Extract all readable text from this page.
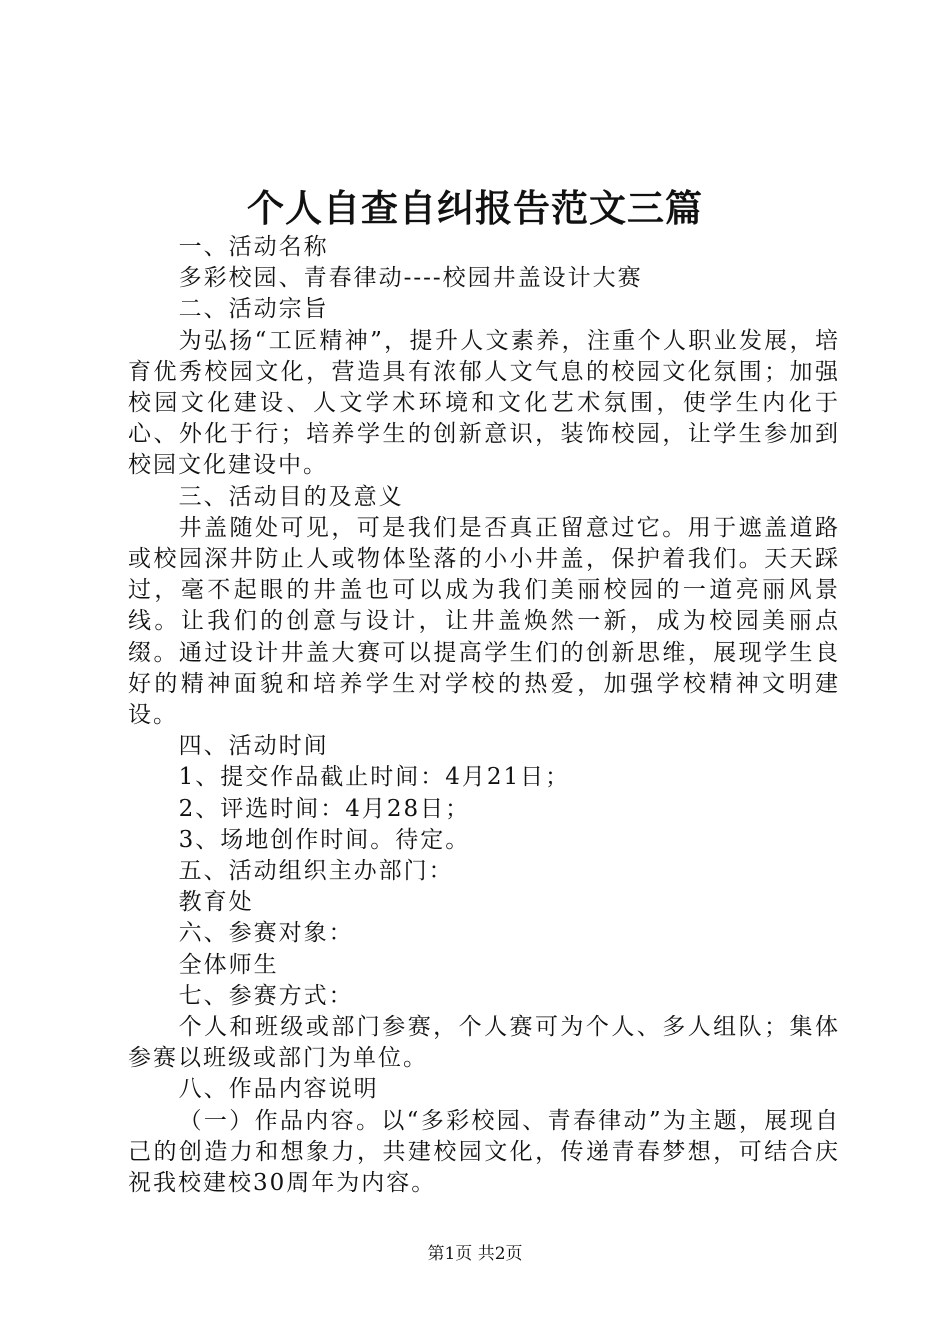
个人自查自纠报告范文三篇

一、活动名称

多彩校园、青春律动----校园井盖设计大赛

二、活动宗旨

为弘扬“工匠精神”，提升人文素养，注重个人职业发展，培育优秀校园文化，营造具有浓郁人文气息的校园文化氛围；加强校园文化建设、人文学术环境和文化艺术氛围，使学生内化于心、外化于行；培养学生的创新意识，装饰校园，让学生参加到校园文化建设中。

三、活动目的及意义

井盖随处可见，可是我们是否真正留意过它。用于遮盖道路或校园深井防止人或物体坠落的小小井盖，保护着我们。天天踩过，毫不起眼的井盖也可以成为我们美丽校园的一道亮丽风景线。让我们的创意与设计，让井盖焕然一新，成为校园美丽点缀。通过设计井盖大赛可以提高学生们的创新思维，展现学生良好的精神面貌和培养学生对学校的热爱，加强学校精神文明建设。

四、活动时间

1、提交作品截止时间：4月21日；

2、评选时间：4月28日；

3、场地创作时间。待定。

五、活动组织主办部门：

教育处

六、参赛对象：

全体师生

七、参赛方式：

个人和班级或部门参赛，个人赛可为个人、多人组队；集体参赛以班级或部门为单位。

八、作品内容说明

（一）作品内容。以“多彩校园、青春律动”为主题，展现自己的创造力和想象力，共建校园文化，传递青春梦想，可结合庆祝我校建校30周年为内容。

第1页 共2页
